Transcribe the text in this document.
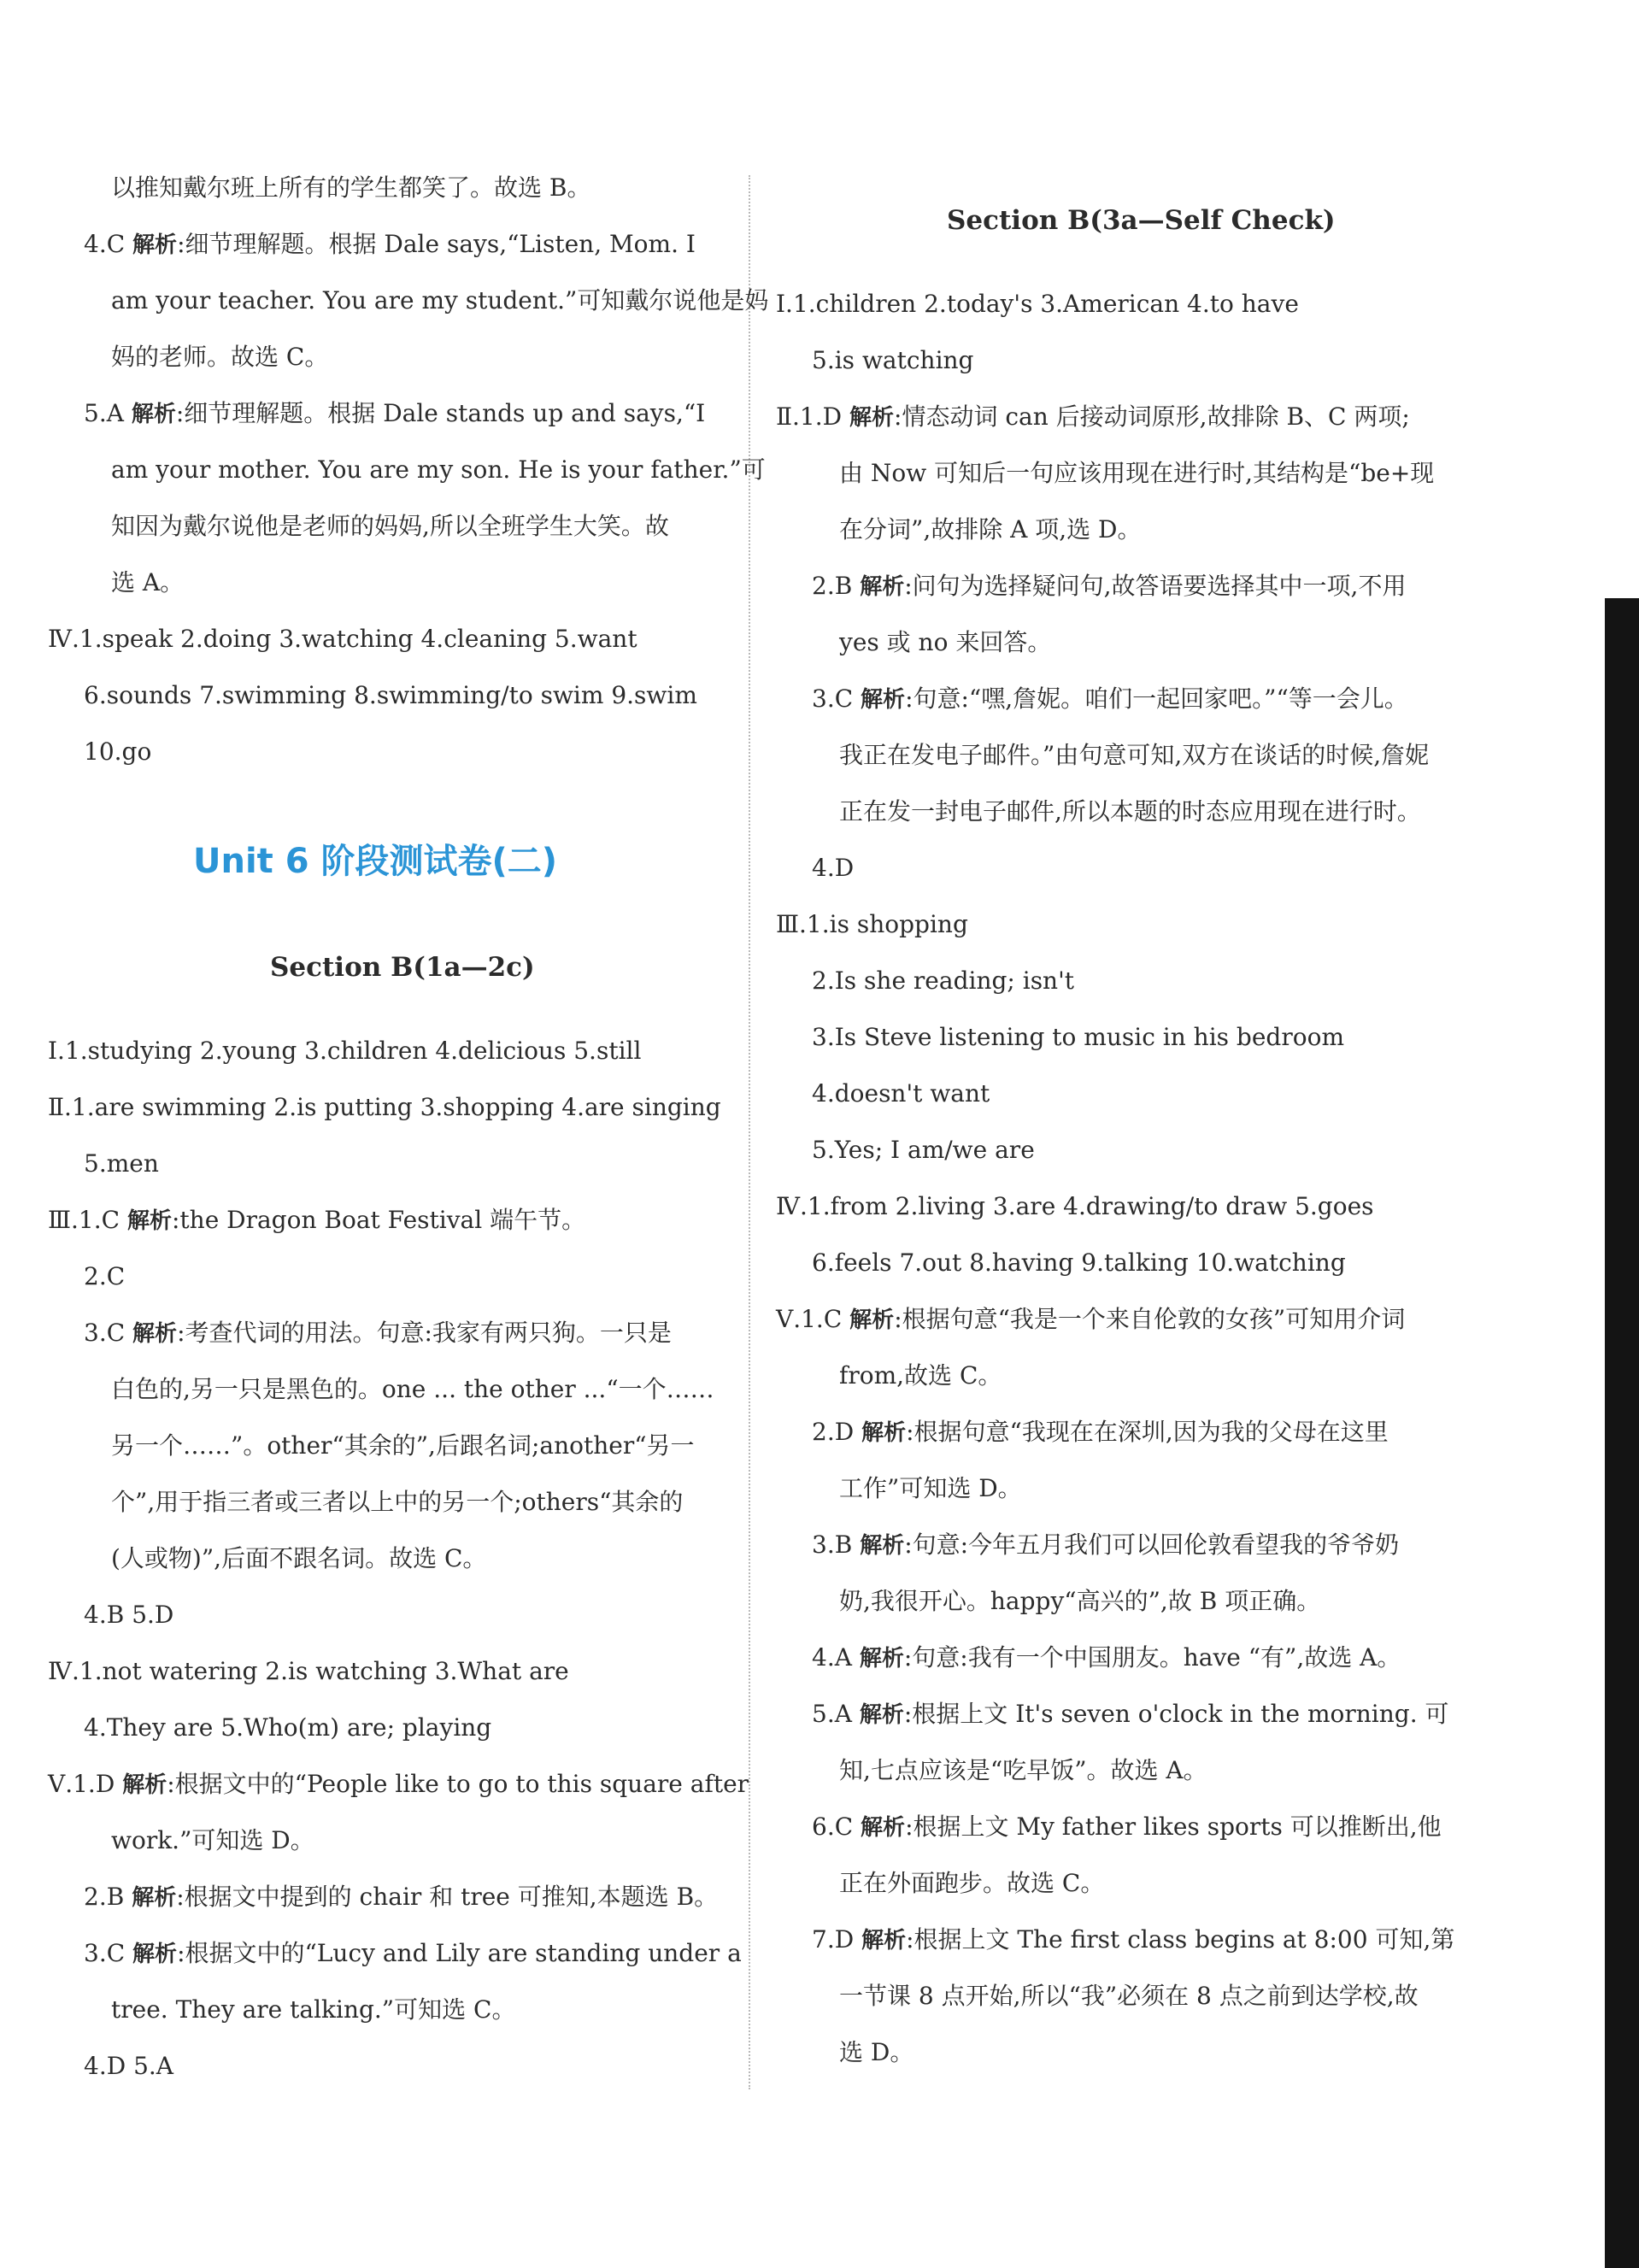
Unit 6 阶段测试卷(二)
Section B(1a—2c)
以推知戴尔班上所有的学生都笑了。故选 B。
4.C 解析:细节理解题。根据 Dale says,“Listen, Mom. I
am your teacher. You are my student.”可知戴尔说他是妈
妈的老师。故选 C。
5.A 解析:细节理解题。根据 Dale stands up and says,“I
am your mother. You are my son. He is your father.”可
知因为戴尔说他是老师的妈妈,所以全班学生大笑。故
选 A。
Ⅳ.1.speak 2.doing 3.watching 4.cleaning 5.want
6.sounds 7.swimming 8.swimming/to swim 9.swim
10.go
Ⅰ.1.studying 2.young 3.children 4.delicious 5.still
Ⅱ.1.are swimming 2.is putting 3.shopping 4.are singing
5.men
Ⅲ.1.C 解析:the Dragon Boat Festival 端午节。
2.C
3.C 解析:考查代词的用法。句意:我家有两只狗。一只是
白色的,另一只是黑色的。one ... the other ...“一个……
另一个……”。other“其余的”,后跟名词;another“另一
个”,用于指三者或三者以上中的另一个;others“其余的
(人或物)”,后面不跟名词。故选 C。
4.B 5.D
Ⅳ.1.not watering 2.is watching 3.What are
4.They are 5.Who(m) are; playing
Ⅴ.1.D 解析:根据文中的“People like to go to this square after
work.”可知选 D。
2.B 解析:根据文中提到的 chair 和 tree 可推知,本题选 B。
3.C 解析:根据文中的“Lucy and Lily are standing under a
tree. They are talking.”可知选 C。
4.D 5.A
Section B(3a—Self Check)
Ⅰ.1.children 2.today's 3.American 4.to have
5.is watching
Ⅱ.1.D 解析:情态动词 can 后接动词原形,故排除 B、C 两项;
由 Now 可知后一句应该用现在进行时,其结构是“be+现
在分词”,故排除 A 项,选 D。
2.B 解析:问句为选择疑问句,故答语要选择其中一项,不用
yes 或 no 来回答。
3.C 解析:句意:“嘿,詹妮。咱们一起回家吧。”“等一会儿。
我正在发电子邮件。”由句意可知,双方在谈话的时候,詹妮
正在发一封电子邮件,所以本题的时态应用现在进行时。
4.D
Ⅲ.1.is shopping
2.Is she reading; isn't
3.Is Steve listening to music in his bedroom
4.doesn't want
5.Yes; I am/we are
Ⅳ.1.from 2.living 3.are 4.drawing/to draw 5.goes
6.feels 7.out 8.having 9.talking 10.watching
Ⅴ.1.C 解析:根据句意“我是一个来自伦敦的女孩”可知用介词
from,故选 C。
2.D 解析:根据句意“我现在在深圳,因为我的父母在这里
工作”可知选 D。
3.B 解析:句意:今年五月我们可以回伦敦看望我的爷爷奶
奶,我很开心。happy“高兴的”,故 B 项正确。
4.A 解析:句意:我有一个中国朋友。have “有”,故选 A。
5.A 解析:根据上文 It's seven o'clock in the morning. 可
知,七点应该是“吃早饭”。故选 A。
6.C 解析:根据上文 My father likes sports 可以推断出,他
正在外面跑步。故选 C。
7.D 解析:根据上文 The first class begins at 8:00 可知,第
一节课 8 点开始,所以“我”必须在 8 点之前到达学校,故
选 D。
